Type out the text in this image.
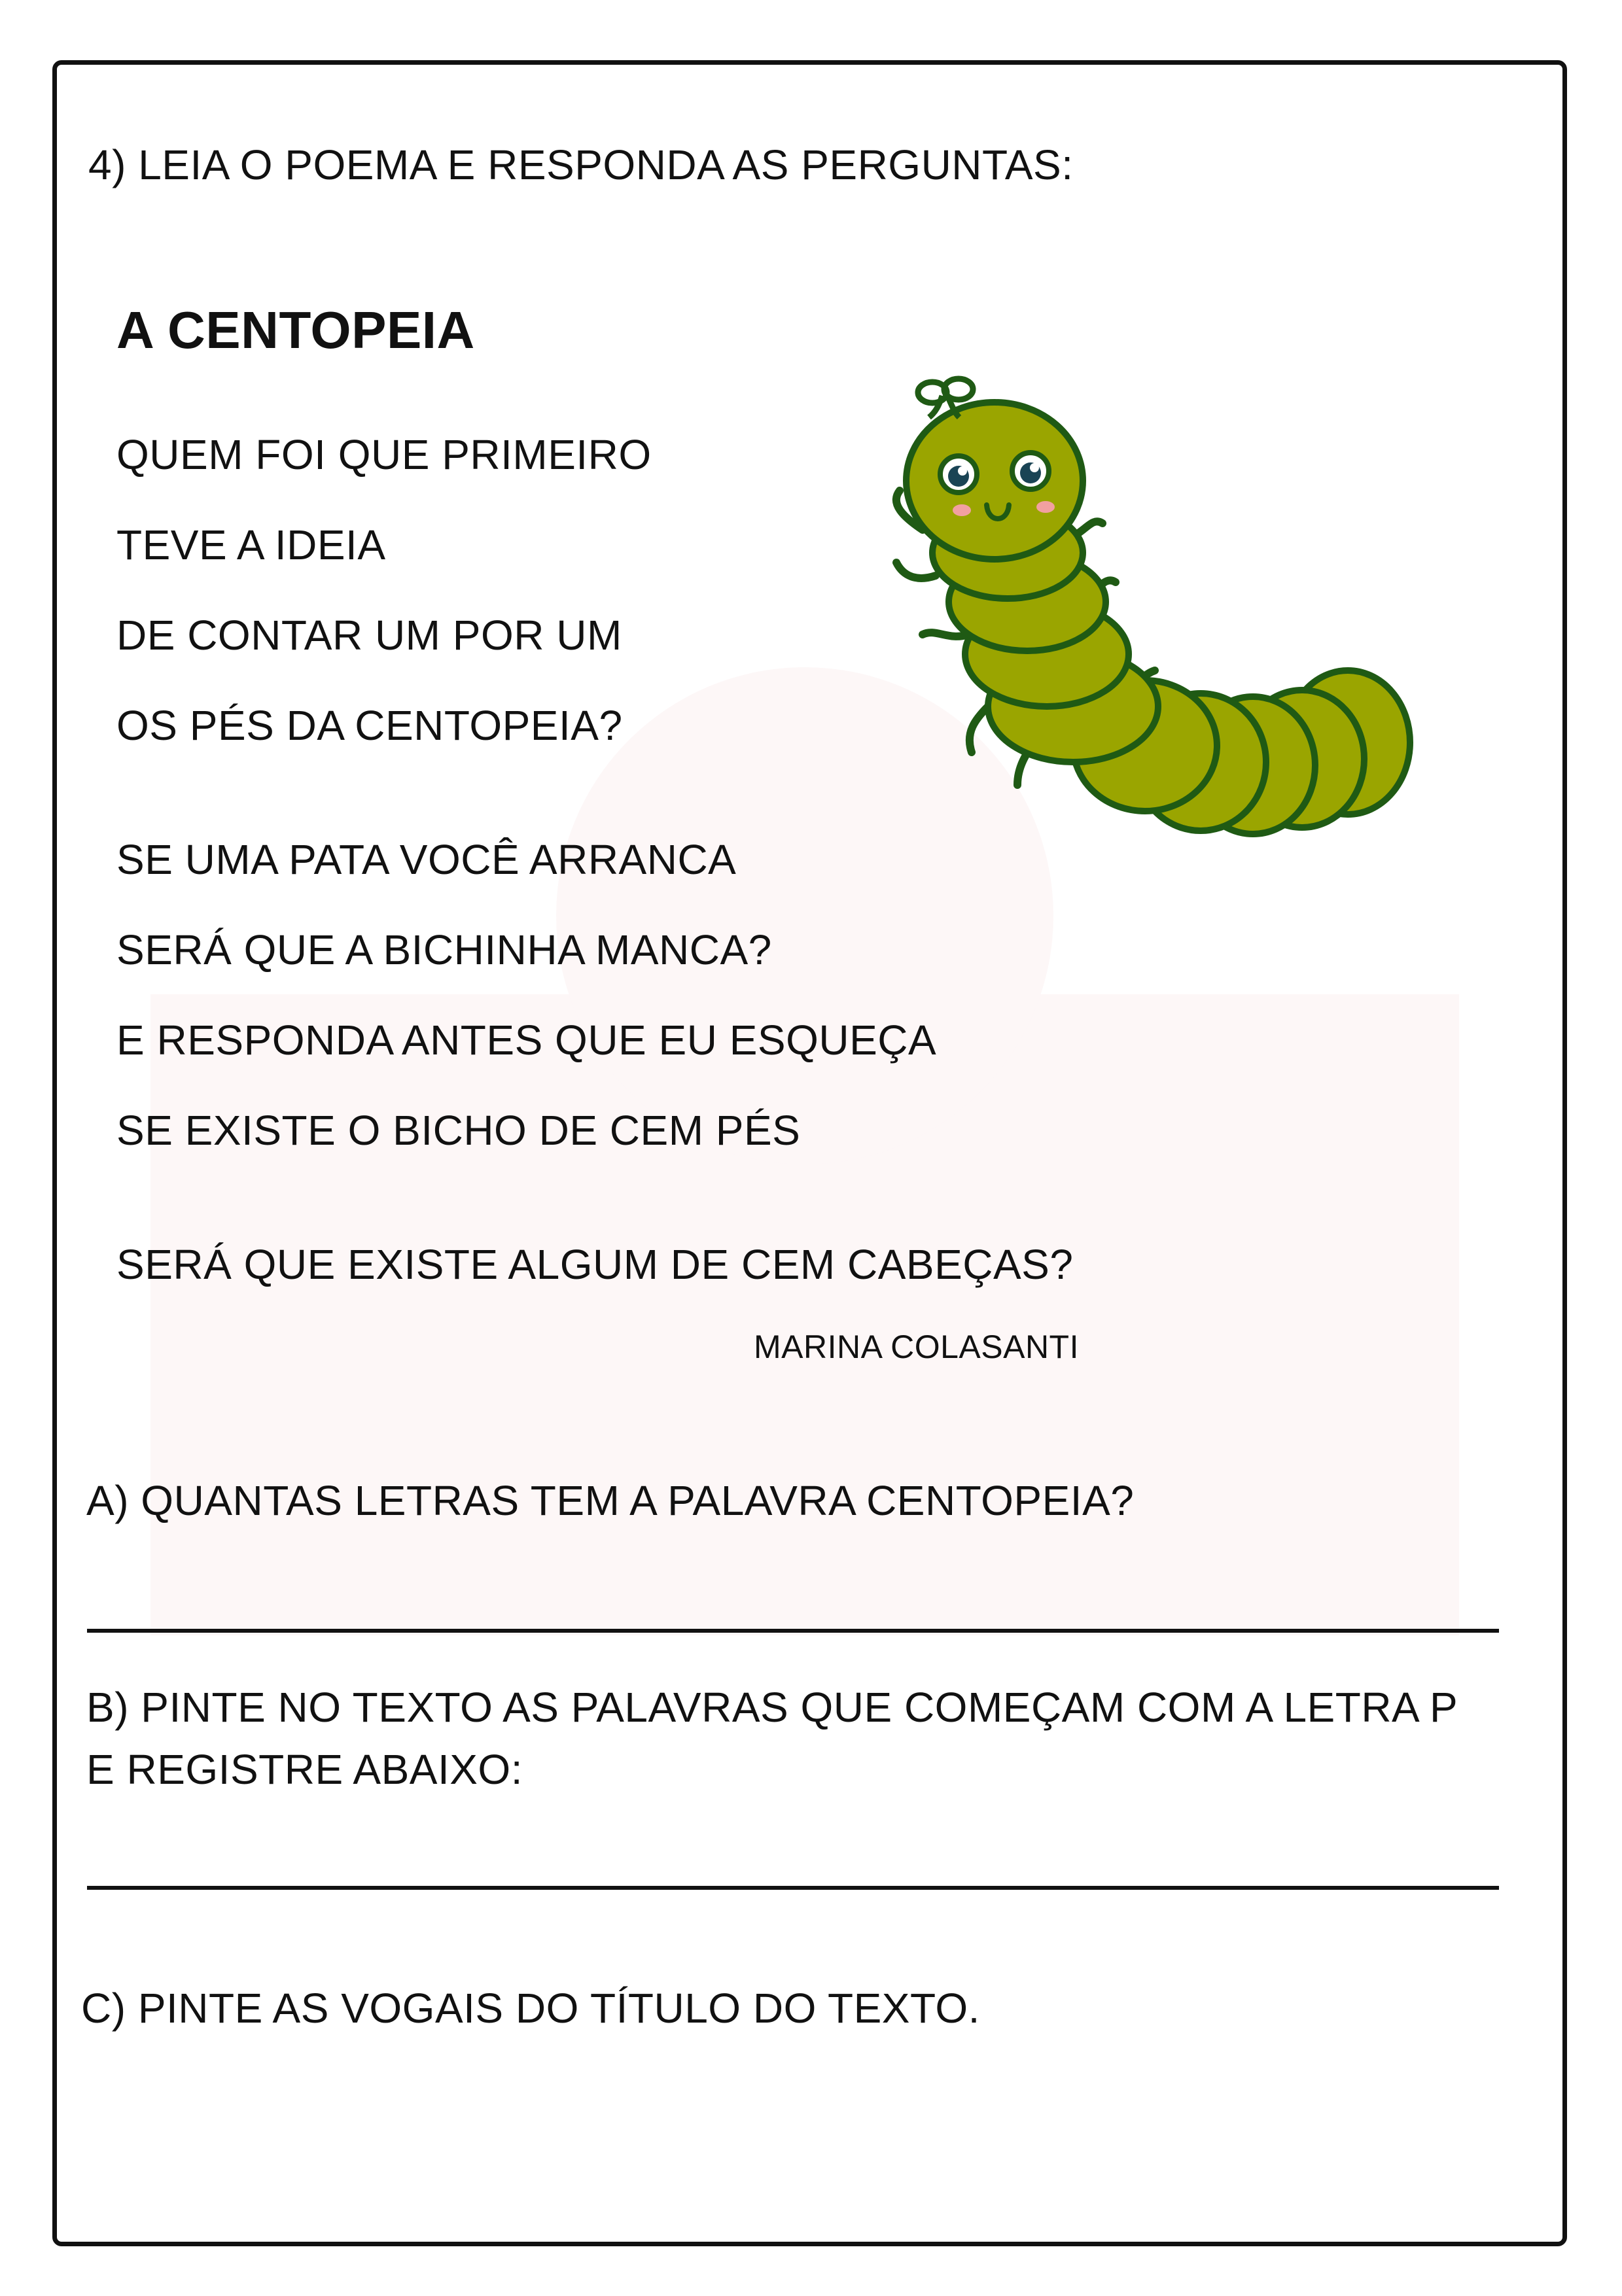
4) LEIA O POEMA E RESPONDA AS PERGUNTAS:
A CENTOPEIA
QUEM FOI QUE PRIMEIRO
TEVE A IDEIA
DE CONTAR UM POR UM
OS PÉS DA CENTOPEIA?
SE UMA PATA VOCÊ ARRANCA
SERÁ QUE A BICHINHA MANCA?
E RESPONDA ANTES QUE EU ESQUEÇA
SE EXISTE O BICHO DE CEM PÉS
SERÁ QUE EXISTE ALGUM DE CEM CABEÇAS?
MARINA COLASANTI
A) QUANTAS LETRAS TEM A PALAVRA CENTOPEIA?
B) PINTE NO TEXTO AS PALAVRAS QUE COMEÇAM COM A LETRA P
E REGISTRE ABAIXO:
C) PINTE AS VOGAIS DO TÍTULO DO TEXTO.
